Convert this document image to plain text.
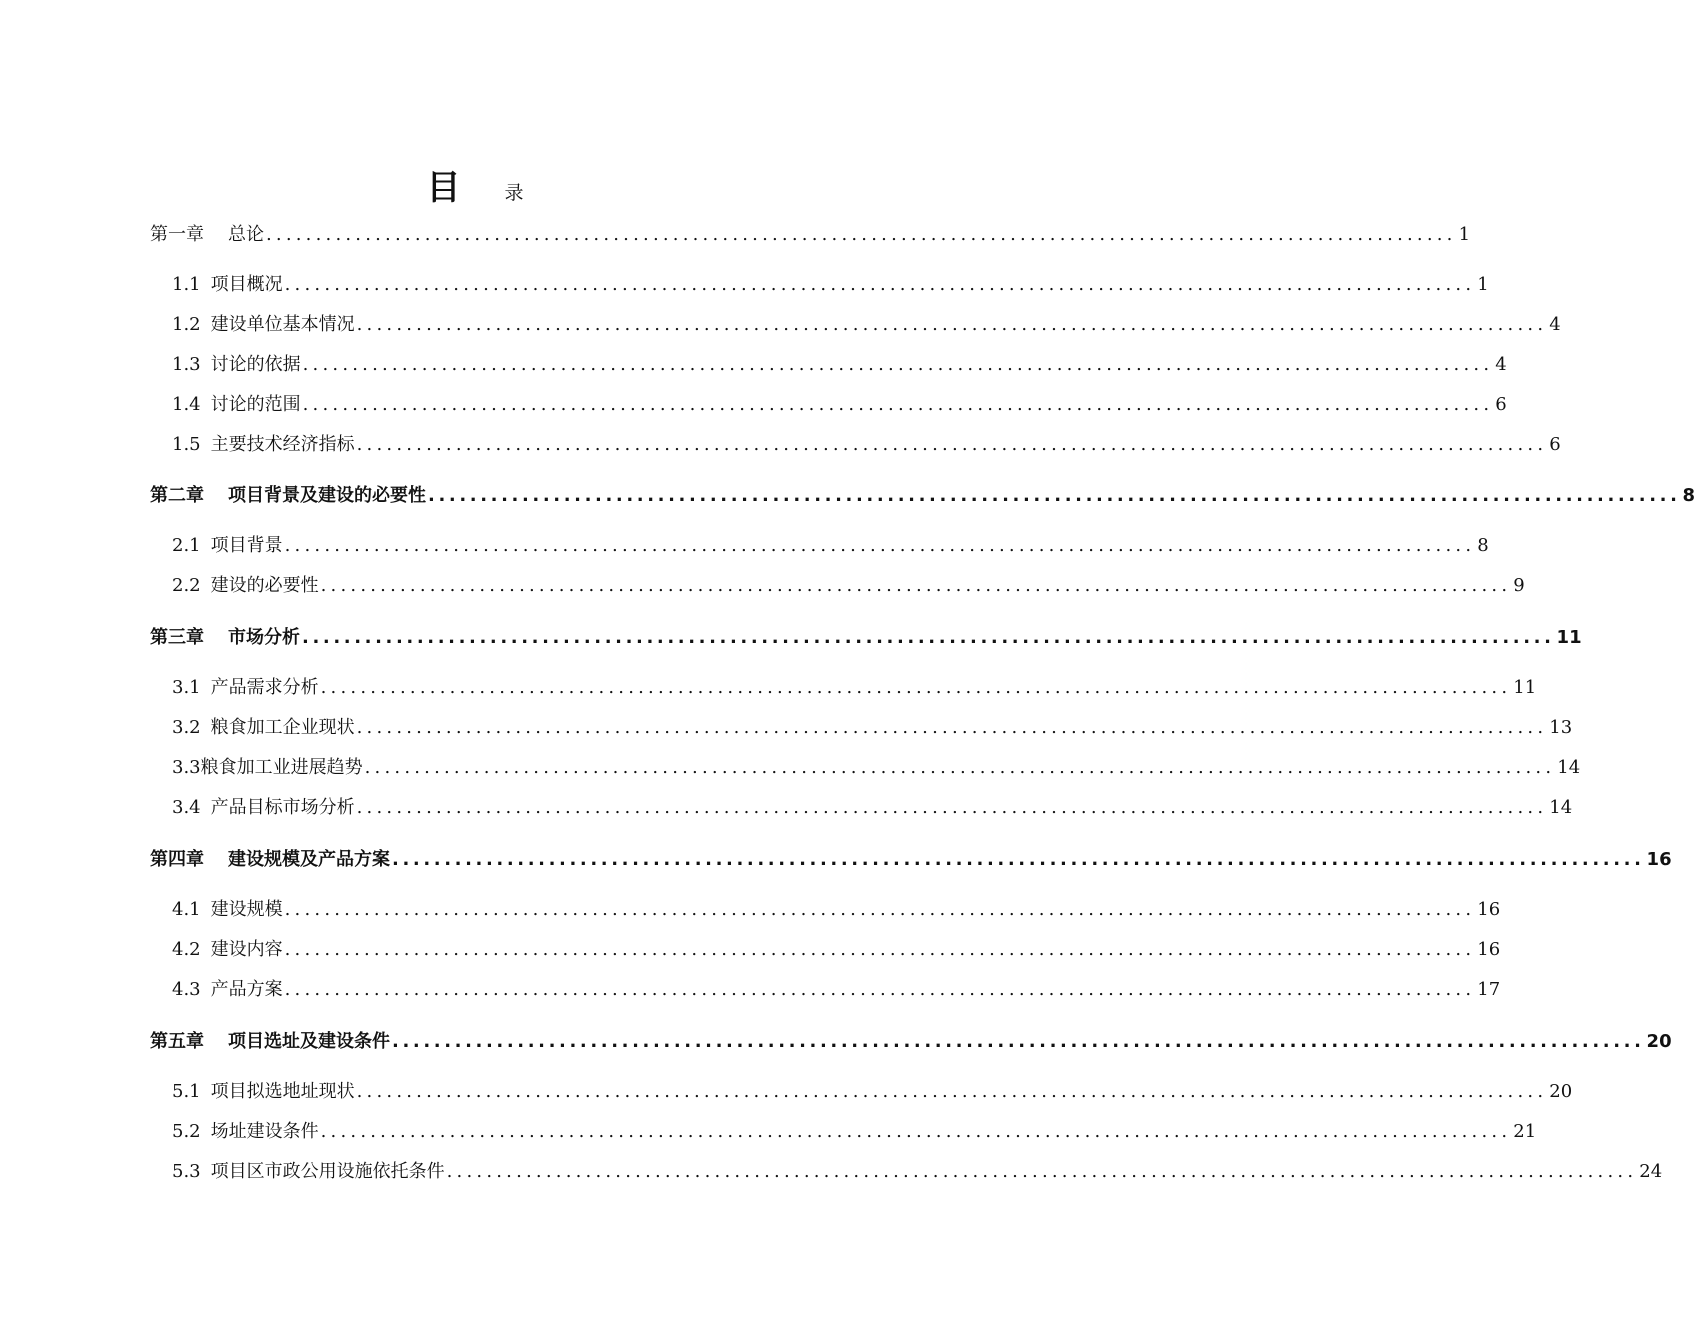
目 录
第一章 总论 ........................................................................................................................ 1
1.1 项目概况 ........................................................................................................................ 1
1.2 建设单位基本情况 ........................................................................................................................ 4
1.3 讨论的依据 ........................................................................................................................ 4
1.4 讨论的范围 ........................................................................................................................ 6
1.5 主要技术经济指标 ........................................................................................................................ 6
第二章 项目背景及建设的必要性 ........................................................................................................................ 8
2.1 项目背景 ........................................................................................................................ 8
2.2 建设的必要性 ........................................................................................................................ 9
第三章 市场分析 ........................................................................................................................ 11
3.1 产品需求分析 ........................................................................................................................ 11
3.2 粮食加工企业现状 ........................................................................................................................ 13
3.3粮食加工业进展趋势 ........................................................................................................................ 14
3.4 产品目标市场分析 ........................................................................................................................ 14
第四章 建设规模及产品方案 ........................................................................................................................ 16
4.1 建设规模 ........................................................................................................................ 16
4.2 建设内容 ........................................................................................................................ 16
4.3 产品方案 ........................................................................................................................ 17
第五章 项目选址及建设条件 ........................................................................................................................ 20
5.1 项目拟选地址现状 ........................................................................................................................ 20
5.2 场址建设条件 ........................................................................................................................ 21
5.3 项目区市政公用设施依托条件 ........................................................................................................................ 24
